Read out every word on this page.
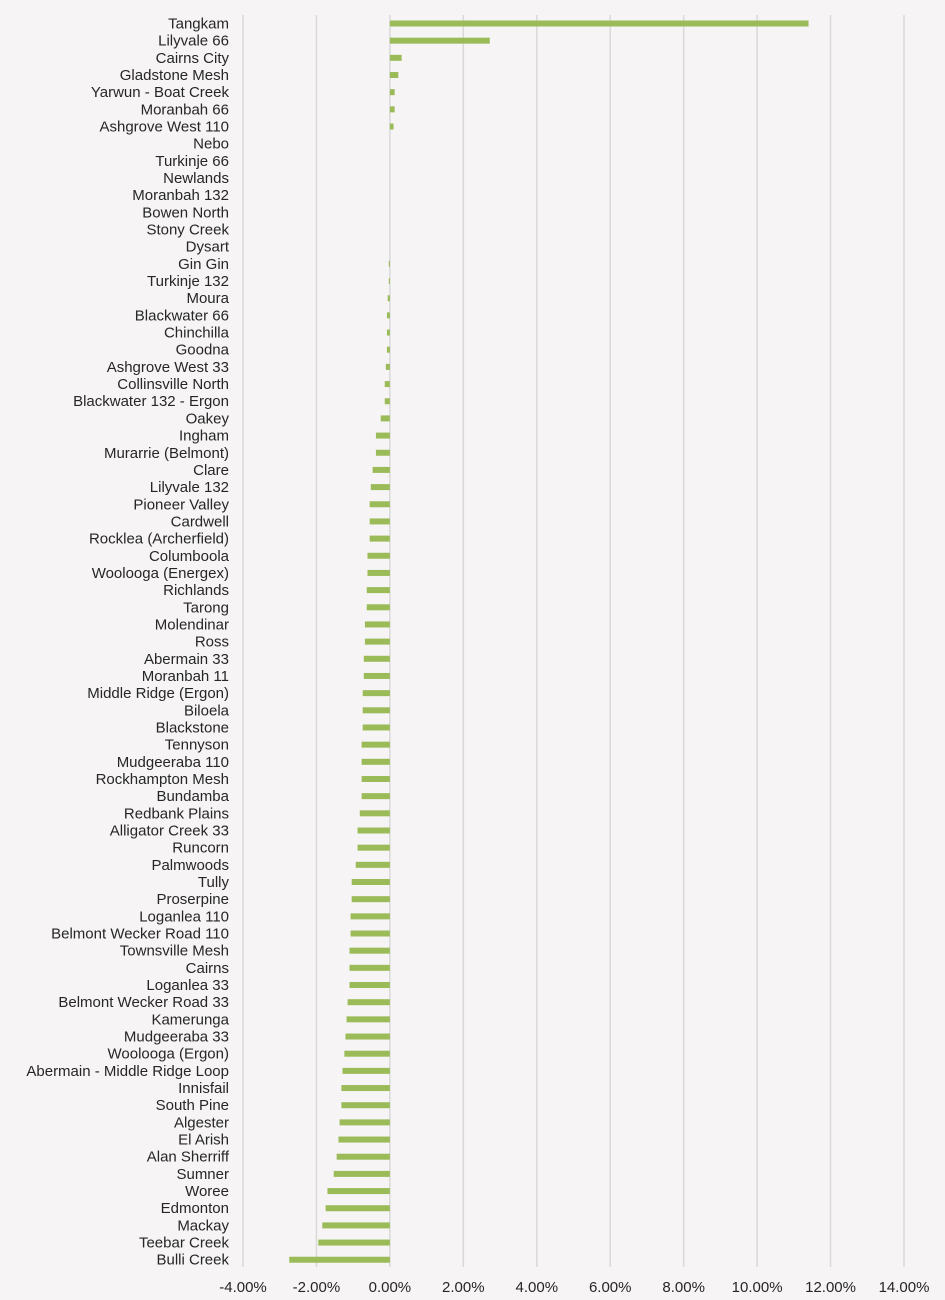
Tangkam
Lilyvale 66
Cairns City
Gladstone Mesh
Yarwun - Boat Creek
Moranbah 66
Ashgrove West 110
Nebo
Turkinje 66
Newlands
Moranbah 132
Bowen North
Stony Creek
Dysart
Gin Gin
Turkinje 132
Moura
Blackwater 66
Chinchilla
Goodna
Ashgrove West 33
Collinsville North
Blackwater 132 - Ergon
Oakey
Ingham
Murarrie (Belmont)
Clare
Lilyvale 132
Pioneer Valley
Cardwell
Rocklea (Archerfield)
Columboola
Woolooga (Energex)
Richlands
Tarong
Molendinar
Ross
Abermain 33
Moranbah 11
Middle Ridge (Ergon)
Biloela
Blackstone
Tennyson
Mudgeeraba 110
Rockhampton Mesh
Bundamba
Redbank Plains
Alligator Creek 33
Runcorn
Palmwoods
Tully
Proserpine
Loganlea 110
Belmont Wecker Road 110
Townsville Mesh
Cairns
Loganlea 33
Belmont Wecker Road 33
Kamerunga
Mudgeeraba 33
Woolooga (Ergon)
Abermain - Middle Ridge Loop
Innisfail
South Pine
Algester
El Arish
Alan Sherriff
Sumner
Woree
Edmonton
Mackay
Teebar Creek
Bulli Creek
-4.00% -2.00% 0.00% 2.00% 4.00% 6.00% 8.00% 10.00% 12.00% 14.00%
